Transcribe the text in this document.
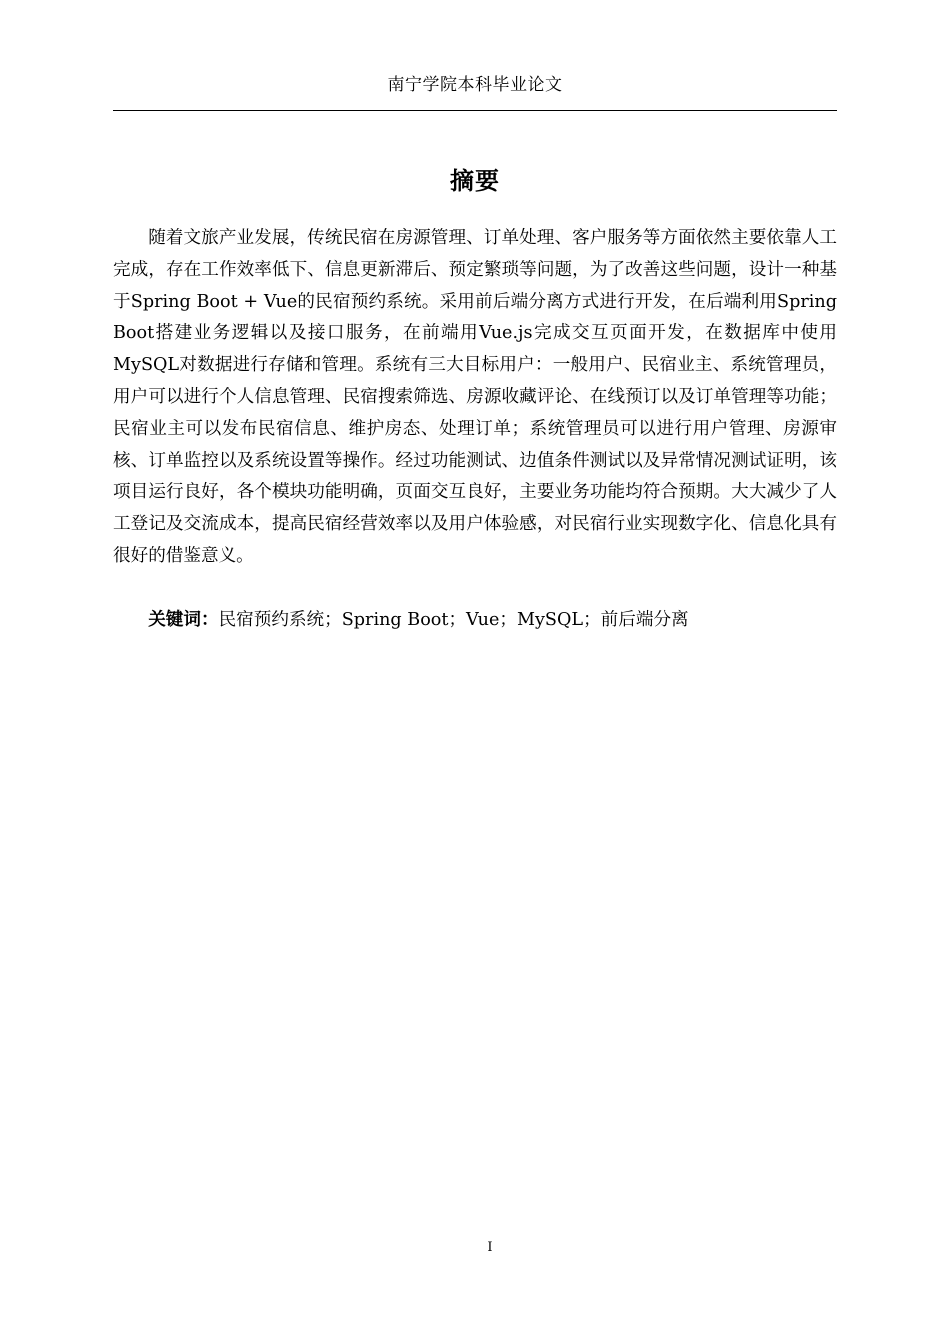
南宁学院本科毕业论文
摘要

随着文旅产业发展，传统民宿在房源管理、订单处理、客户服务等方面依然主要依靠人工完成，存在工作效率低下、信息更新滞后、预定繁琐等问题，为了改善这些问题，设计一种基于Spring Boot + Vue的民宿预约系统。采用前后端分离方式进行开发，在后端利用Spring Boot搭建业务逻辑以及接口服务，在前端用Vue.js完成交互页面开发，在数据库中使用MySQL对数据进行存储和管理。系统有三大目标用户：一般用户、民宿业主、系统管理员，用户可以进行个人信息管理、民宿搜索筛选、房源收藏评论、在线预订以及订单管理等功能；民宿业主可以发布民宿信息、维护房态、处理订单；系统管理员可以进行用户管理、房源审核、订单监控以及系统设置等操作。经过功能测试、边值条件测试以及异常情况测试证明，该项目运行良好，各个模块功能明确，页面交互良好，主要业务功能均符合预期。大大减少了人工登记及交流成本，提高民宿经营效率以及用户体验感，对民宿行业实现数字化、信息化具有很好的借鉴意义。

关键词：民宿预约系统；Spring Boot；Vue；MySQL；前后端分离

I
